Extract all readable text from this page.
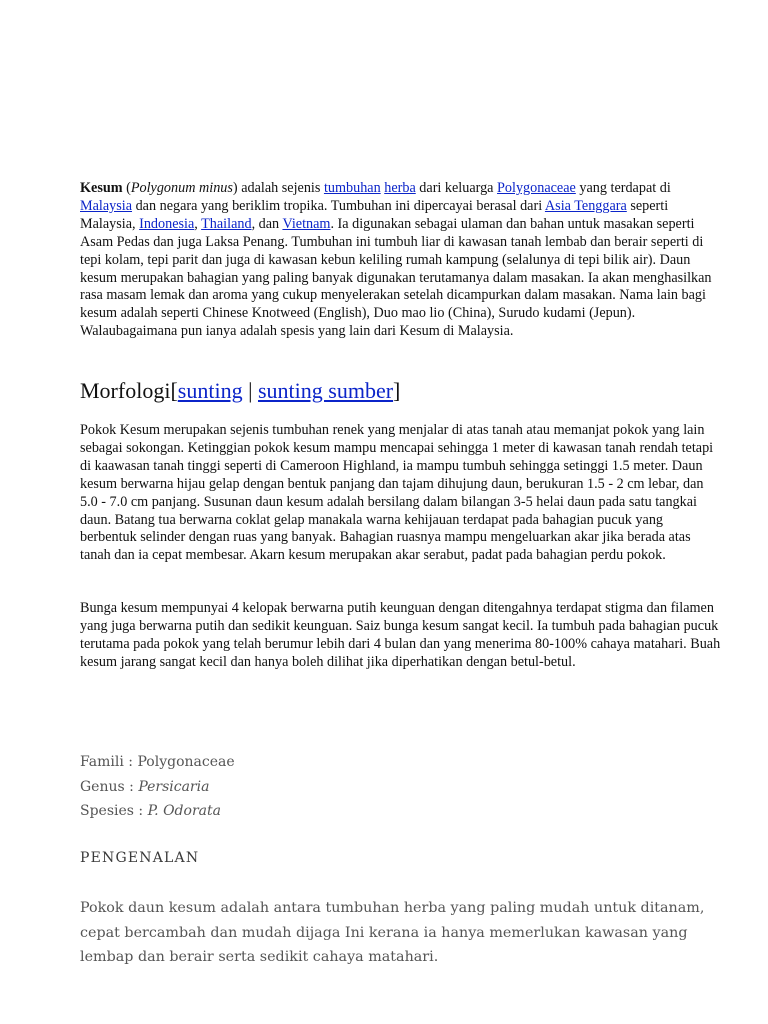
Kesum (Polygonum minus) adalah sejenis tumbuhan herba dari keluarga Polygonaceae yang terdapat di Malaysia dan negara yang beriklim tropika. Tumbuhan ini dipercayai berasal dari Asia Tenggara seperti Malaysia, Indonesia, Thailand, dan Vietnam. Ia digunakan sebagai ulaman dan bahan untuk masakan seperti Asam Pedas dan juga Laksa Penang. Tumbuhan ini tumbuh liar di kawasan tanah lembab dan berair seperti di tepi kolam, tepi parit dan juga di kawasan kebun keliling rumah kampung (selalunya di tepi bilik air). Daun kesum merupakan bahagian yang paling banyak digunakan terutamanya dalam masakan. Ia akan menghasilkan rasa masam lemak dan aroma yang cukup menyelerakan setelah dicampurkan dalam masakan. Nama lain bagi kesum adalah seperti Chinese Knotweed (English), Duo mao lio (China), Surudo kudami (Jepun). Walaubagaimana pun ianya adalah spesis yang lain dari Kesum di Malaysia.

Morfologi[sunting | sunting sumber]

Pokok Kesum merupakan sejenis tumbuhan renek yang menjalar di atas tanah atau memanjat pokok yang lain sebagai sokongan. Ketinggian pokok kesum mampu mencapai sehingga 1 meter di kawasan tanah rendah tetapi di kaawasan tanah tinggi seperti di Cameroon Highland, ia mampu tumbuh sehingga setinggi 1.5 meter. Daun kesum berwarna hijau gelap dengan bentuk panjang dan tajam dihujung daun, berukuran 1.5 - 2 cm lebar, dan 5.0 - 7.0 cm panjang. Susunan daun kesum adalah bersilang dalam bilangan 3-5 helai daun pada satu tangkai daun. Batang tua berwarna coklat gelap manakala warna kehijauan terdapat pada bahagian pucuk yang berbentuk selinder dengan ruas yang banyak. Bahagian ruasnya mampu mengeluarkan akar jika berada atas tanah dan ia cepat membesar. Akarn kesum merupakan akar serabut, padat pada bahagian perdu pokok.

Bunga kesum mempunyai 4 kelopak berwarna putih keunguan dengan ditengahnya terdapat stigma dan filamen yang juga berwarna putih dan sedikit keunguan. Saiz bunga kesum sangat kecil. Ia tumbuh pada bahagian pucuk terutama pada pokok yang telah berumur lebih dari 4 bulan dan yang menerima 80-100% cahaya matahari. Buah kesum jarang sangat kecil dan hanya boleh dilihat jika diperhatikan dengan betul-betul.

Famili : Polygonaceae
Genus : Persicaria
Spesies : P. Odorata
PENGENALAN

Pokok daun kesum adalah antara tumbuhan herba yang paling mudah untuk ditanam, cepat bercambah dan mudah dijaga Ini kerana ia hanya memerlukan kawasan yang lembap dan berair serta sedikit cahaya matahari.
